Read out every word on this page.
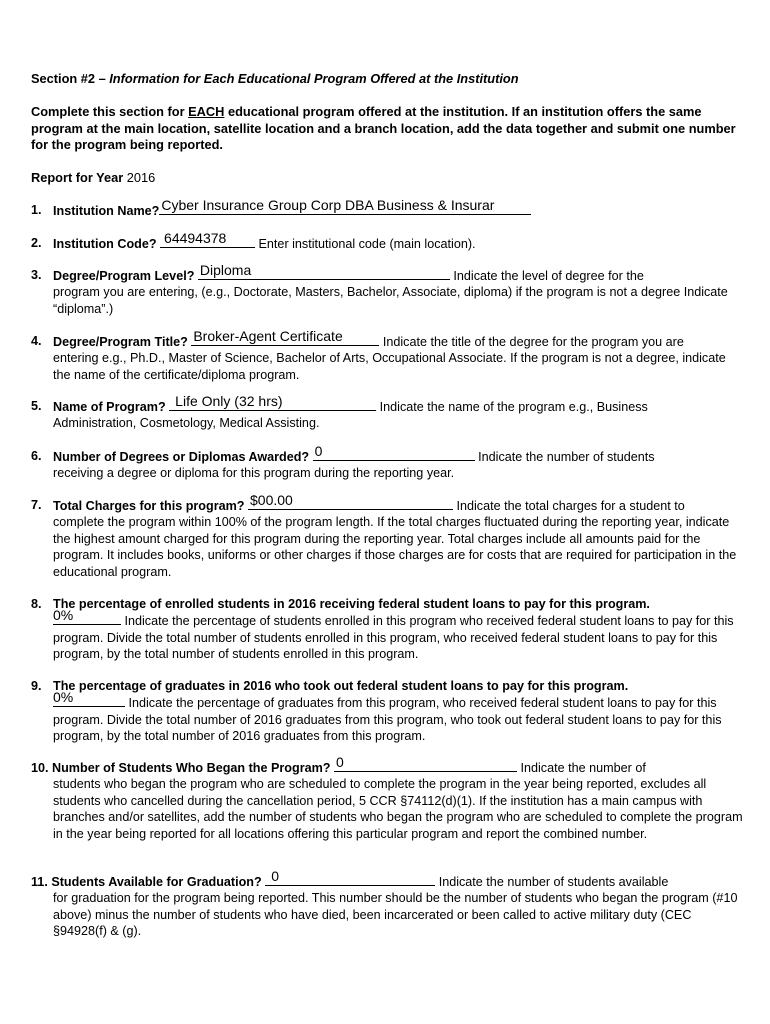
Section #2 – Information for Each Educational Program Offered at the Institution
Complete this section for EACH educational program offered at the institution. If an institution offers the same program at the main location, satellite location and a branch location, add the data together and submit one number for the program being reported.
Report for Year 2016
1. Institution Name? Cyber Insurance Group Corp DBA Business & Insurar
2. Institution Code? 64494378	Enter institutional code (main location).
3. Degree/Program Level? Diploma	Indicate the level of degree for the
program you are entering, (e.g., Doctorate, Masters, Bachelor, Associate, diploma) if the program is not a degree Indicate “diploma”.)
4. Degree/Program Title? Broker-Agent Certificate	Indicate the title of the degree for the program you are
entering e.g., Ph.D., Master of Science, Bachelor of Arts, Occupational Associate. If the program is not a degree, indicate the name of the certificate/diploma program.
5. Name of Program? Life Only (32 hrs)	Indicate the name of the program e.g., Business
Administration, Cosmetology, Medical Assisting.
6. Number of Degrees or Diplomas Awarded? 0	Indicate the number of students
receiving a degree or diploma for this program during the reporting year.
7. Total Charges for this program? $00.00	Indicate the total charges for a student to
complete the program within 100% of the program length. If the total charges fluctuated during the reporting year, indicate the highest amount charged for this program during the reporting year. Total charges include all amounts paid for the program. It includes books, uniforms or other charges if those charges are for costs that are required for participation in the educational program.
8. The percentage of enrolled students in 2016 receiving federal student loans to pay for this program.
0%	Indicate the percentage of students enrolled in this program who received federal student loans to pay for this program. Divide the total number of students enrolled in this program, who received federal student loans to pay for this program, by the total number of students enrolled in this program.
9. The percentage of graduates in 2016 who took out federal student loans to pay for this program.
0%	Indicate the percentage of graduates from this program, who received federal student loans to pay for this program. Divide the total number of 2016 graduates from this program, who took out federal student loans to pay for this program, by the total number of 2016 graduates from this program.
10. Number of Students Who Began the Program? 0	Indicate the number of
students who began the program who are scheduled to complete the program in the year being reported, excludes all students who cancelled during the cancellation period, 5 CCR §74112(d)(1). If the institution has a main campus with branches and/or satellites, add the number of students who began the program who are scheduled to complete the program in the year being reported for all locations offering this particular program and report the combined number.
11. Students Available for Graduation? 0	Indicate the number of students available
for graduation for the program being reported. This number should be the number of students who began the program (#10 above) minus the number of students who have died, been incarcerated or been called to active military duty (CEC §94928(f) & (g).
